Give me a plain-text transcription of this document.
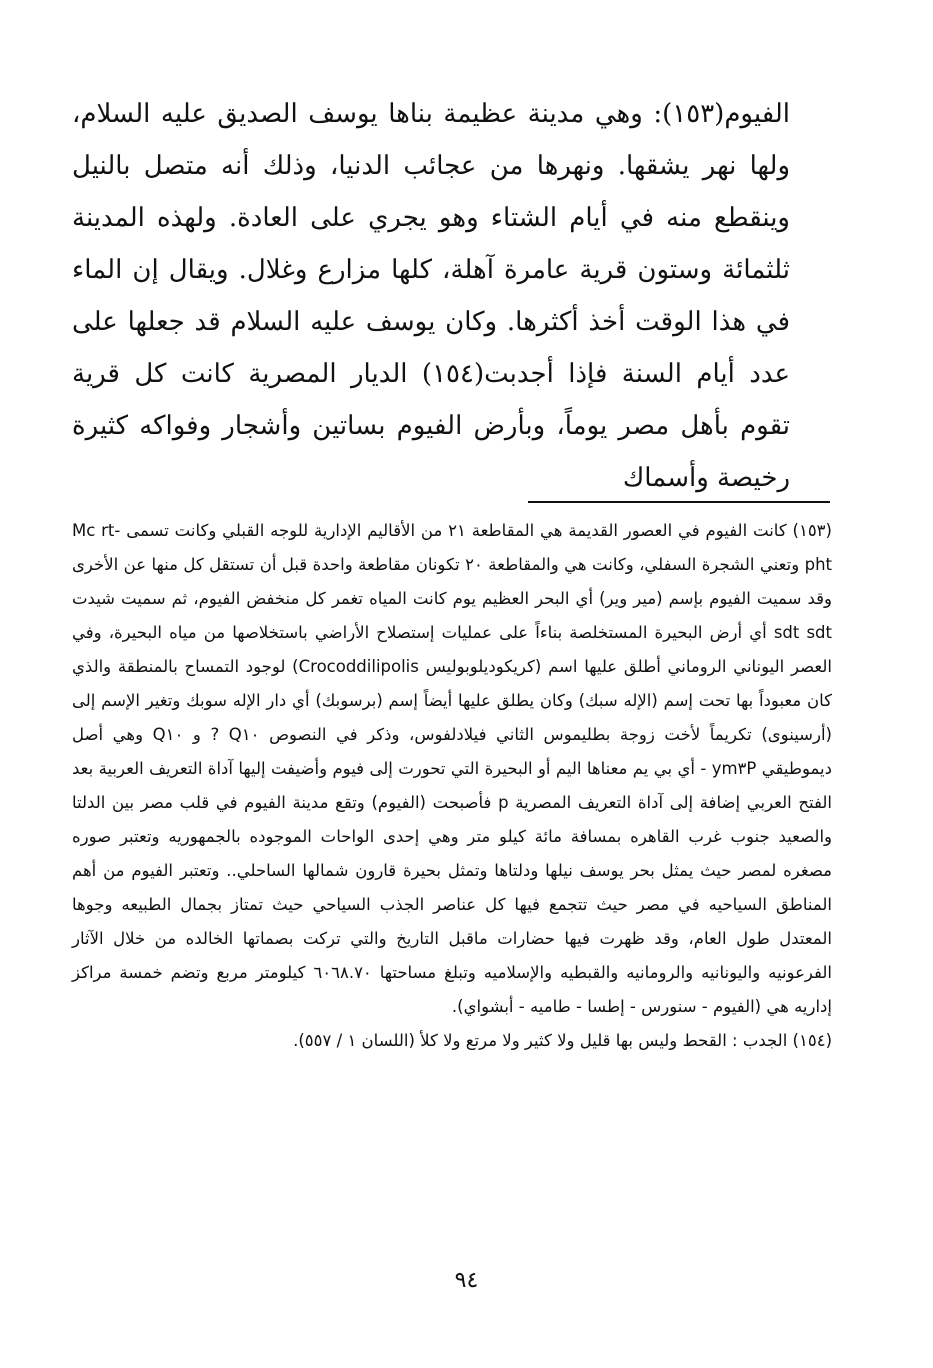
الفيوم(١٥٣): وهي مدينة عظيمة بناها يوسف الصديق عليه السلام، ولها نهر يشقها. ونهرها من عجائب الدنيا، وذلك أنه متصل بالنيل وينقطع منه في أيام الشتاء وهو يجري على العادة. ولهذه المدينة ثلثمائة وستون قرية عامرة آهلة، كلها مزارع وغلال. ويقال إن الماء في هذا الوقت أخذ أكثرها. وكان يوسف عليه السلام قد جعلها على عدد أيام السنة فإذا أجدبت(١٥٤) الديار المصرية كانت كل قرية تقوم بأهل مصر يوماً، وبأرض الفيوم بساتين وأشجار وفواكه كثيرة رخيصة وأسماك

(١٥٣) كانت الفيوم في العصور القديمة هي المقاطعة ٢١ من الأقاليم الإدارية للوجه القبلي وكانت تسمى Mc rt-pht وتعني الشجرة السفلي، وكانت هي والمقاطعة ٢٠ تكونان مقاطعة واحدة قبل أن تستقل كل منها عن الأخرى وقد سميت الفيوم بإسم (مير وير) أي البحر العظيم يوم كانت المياه تغمر كل منخفض الفيوم، ثم سميت شيدت sdt sdt أي أرض البحيرة المستخلصة بناءاً على عمليات إستصلاح الأراضي باستخلاصها من مياه البحيرة، وفي العصر اليوناني الروماني أطلق عليها اسم (كريكوديلوبوليس Crocoddilipolis) لوجود التمساح بالمنطقة والذي كان معبوداً بها تحت إسم (الإله سبك) وكان يطلق عليها أيضاً إسم (برسوبك) أي دار الإله سوبك وتغير الإسم إلى (أرسينوى) تكريماً لأخت زوجة بطليموس الثاني فيلادلفوس، وذكر في النصوص Q١٠ ? و Q١٠ وهي أصل ديموطيقي ym٣P - أي بي يم معناها اليم أو البحيرة التي تحورت إلى فيوم وأضيفت إليها آداة التعريف العربية بعد الفتح العربي إضافة إلى آداة التعريف المصرية p فأصبحت (الفيوم) وتقع مدينة الفيوم في قلب مصر بين الدلتا والصعيد جنوب غرب القاهره بمسافة مائة كيلو متر وهي إحدى الواحات الموجوده بالجمهوريه وتعتبر صوره مصغره لمصر حيث يمثل بحر يوسف نيلها ودلتاها وتمثل بحيرة قارون شمالها الساحلي.. وتعتبر الفيوم من أهم المناطق السياحيه في مصر حيث تتجمع فيها كل عناصر الجذب السياحي حيث تمتاز بجمال الطبيعه وجوها المعتدل طول العام، وقد ظهرت فيها حضارات ماقبل التاريخ والتي تركت بصماتها الخالده من خلال الآثار الفرعونيه واليونانيه والرومانيه والقبطيه والإسلاميه وتبلغ مساحتها ٦٠٦٨.٧٠ كيلومتر مربع وتضم خمسة مراكز إداريه هي (الفيوم - سنورس - إطسا - طاميه - أبشواي).

(١٥٤) الجدب : القحط وليس بها قليل ولا كثير ولا مرتع ولا كلأ (اللسان ١ / ٥٥٧).

٩٤
